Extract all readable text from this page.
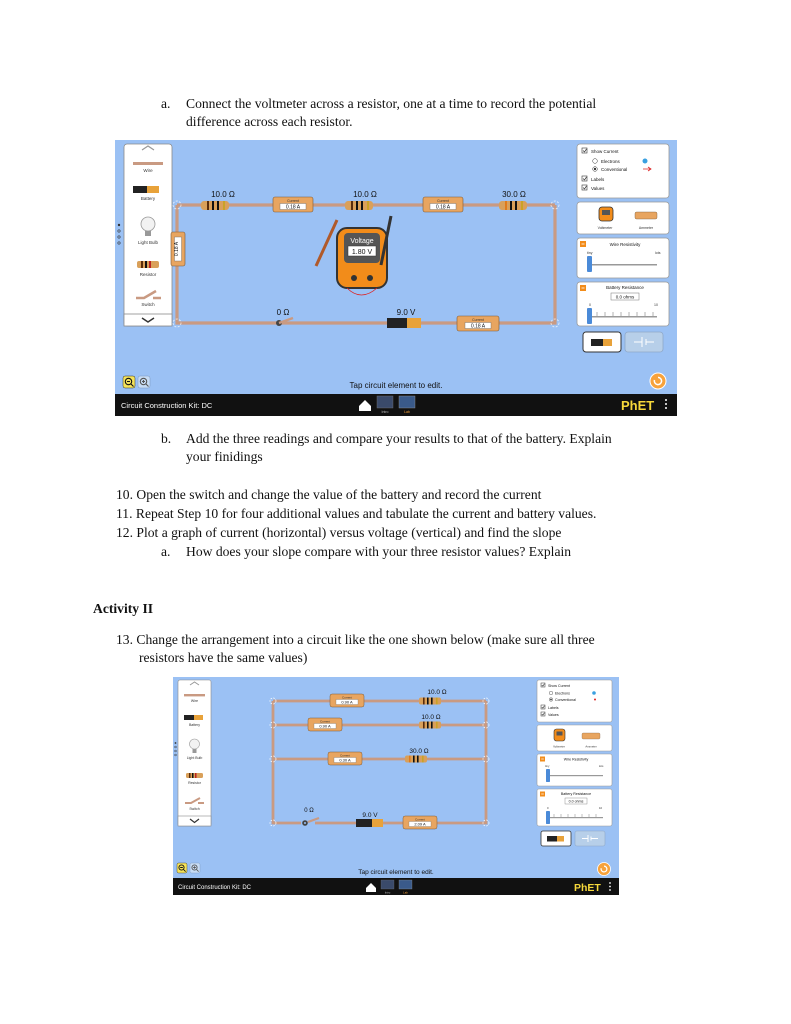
a. Connect the voltmeter across a resistor, one at a time to record the potential
difference across each resistor.
Wire
Battery
Light Bulb
Resistor
Switch
10.0 Ω	10.0 Ω	30.0 Ω
Current
0.18 A
Current
0.18 A
0.18 A
0 Ω	9.0 V
Current
0.18 A
Voltage
1.80 V
Show Current
Electrons
Conventional
Labels
Values
Voltmeter	Ammeter
Wire Resistivity
tiny	lots
Battery Resistance
0.0 ohms
0	10
Tap circuit element to edit.
Circuit Construction Kit: DC
Intro	Lab	PhET
b. Add the three readings and compare your results to that of the battery. Explain
your finidings
10. Open the switch and change the value of the battery and record the current
11. Repeat Step 10 for four additional values and tabulate the current and battery values.
12. Plot a graph of current (horizontal) versus voltage (vertical) and find the slope
a. How does your slope compare with your three resistor values? Explain
Activity II
13. Change the arrangement into a circuit like the one shown below (make sure all three
resistors have the same values)
Wire
Battery
Light Bulb
Resistor
Switch
Current
0.90 A
10.0 Ω
Current
0.90 A
10.0 Ω
Current
0.30 A
30.0 Ω
0 Ω
9.0 V
Current
2.09 A
Show Current
Electrons
Conventional
Labels
Values
Voltmeter	Ammeter
Wire Resistivity
tiny	lots
Battery Resistance
0.0 ohms
0	10
Tap circuit element to edit.
Circuit Construction Kit: DC
Intro	Lab	PhET
